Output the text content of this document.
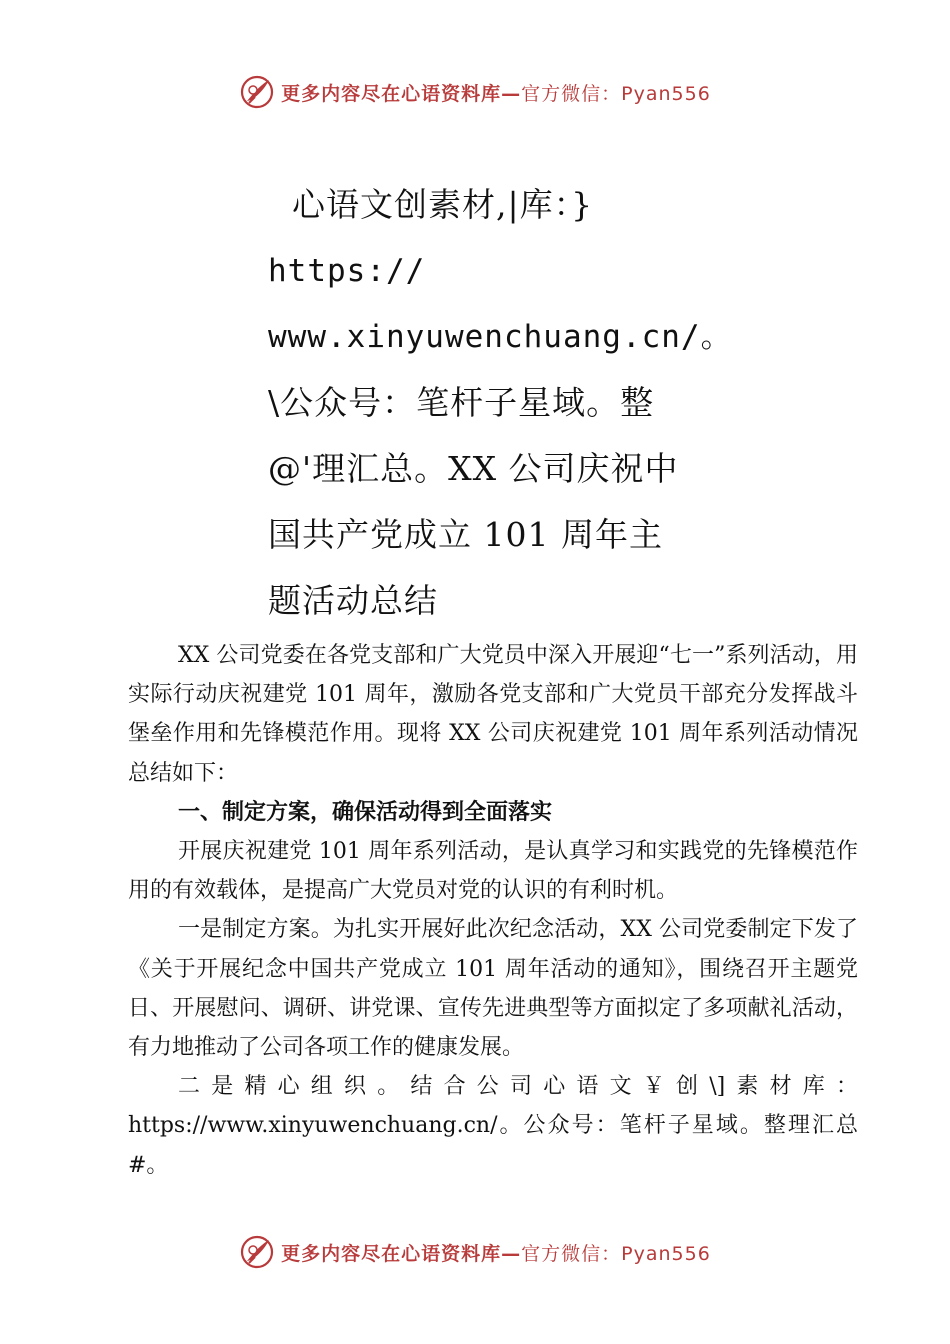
更多内容尽在心语资料库—官方微信：Pyan556
心语文创素材,|库：}
https://
www.xinyuwenchuang.cn/。
\公众号：笔杆子星域。整
@'理汇总。XX 公司庆祝中
国共产党成立 101 周年主
题活动总结

XX 公司党委在各党支部和广大党员中深入开展迎“七一”系列活动，用实际行动庆祝建党 101 周年，激励各党支部和广大党员干部充分发挥战斗堡垒作用和先锋模范作用。现将 XX 公司庆祝建党 101 周年系列活动情况总结如下：

一、制定方案，确保活动得到全面落实

开展庆祝建党 101 周年系列活动，是认真学习和实践党的先锋模范作用的有效载体，是提高广大党员对党的认识的有利时机。

一是制定方案。为扎实开展好此次纪念活动，XX 公司党委制定下发了《关于开展纪念中国共产党成立 101 周年活动的通知》，围绕召开主题党日、开展慰问、调研、讲党课、宣传先进典型等方面拟定了多项献礼活动，有力地推动了公司各项工作的健康发展。

二是精心组织。结合公司心语文￥创\]素材库：https://www.xinyuwenchuang.cn/。公众号：笔杆子星域。整理汇总#。

更多内容尽在心语资料库—官方微信：Pyan556
